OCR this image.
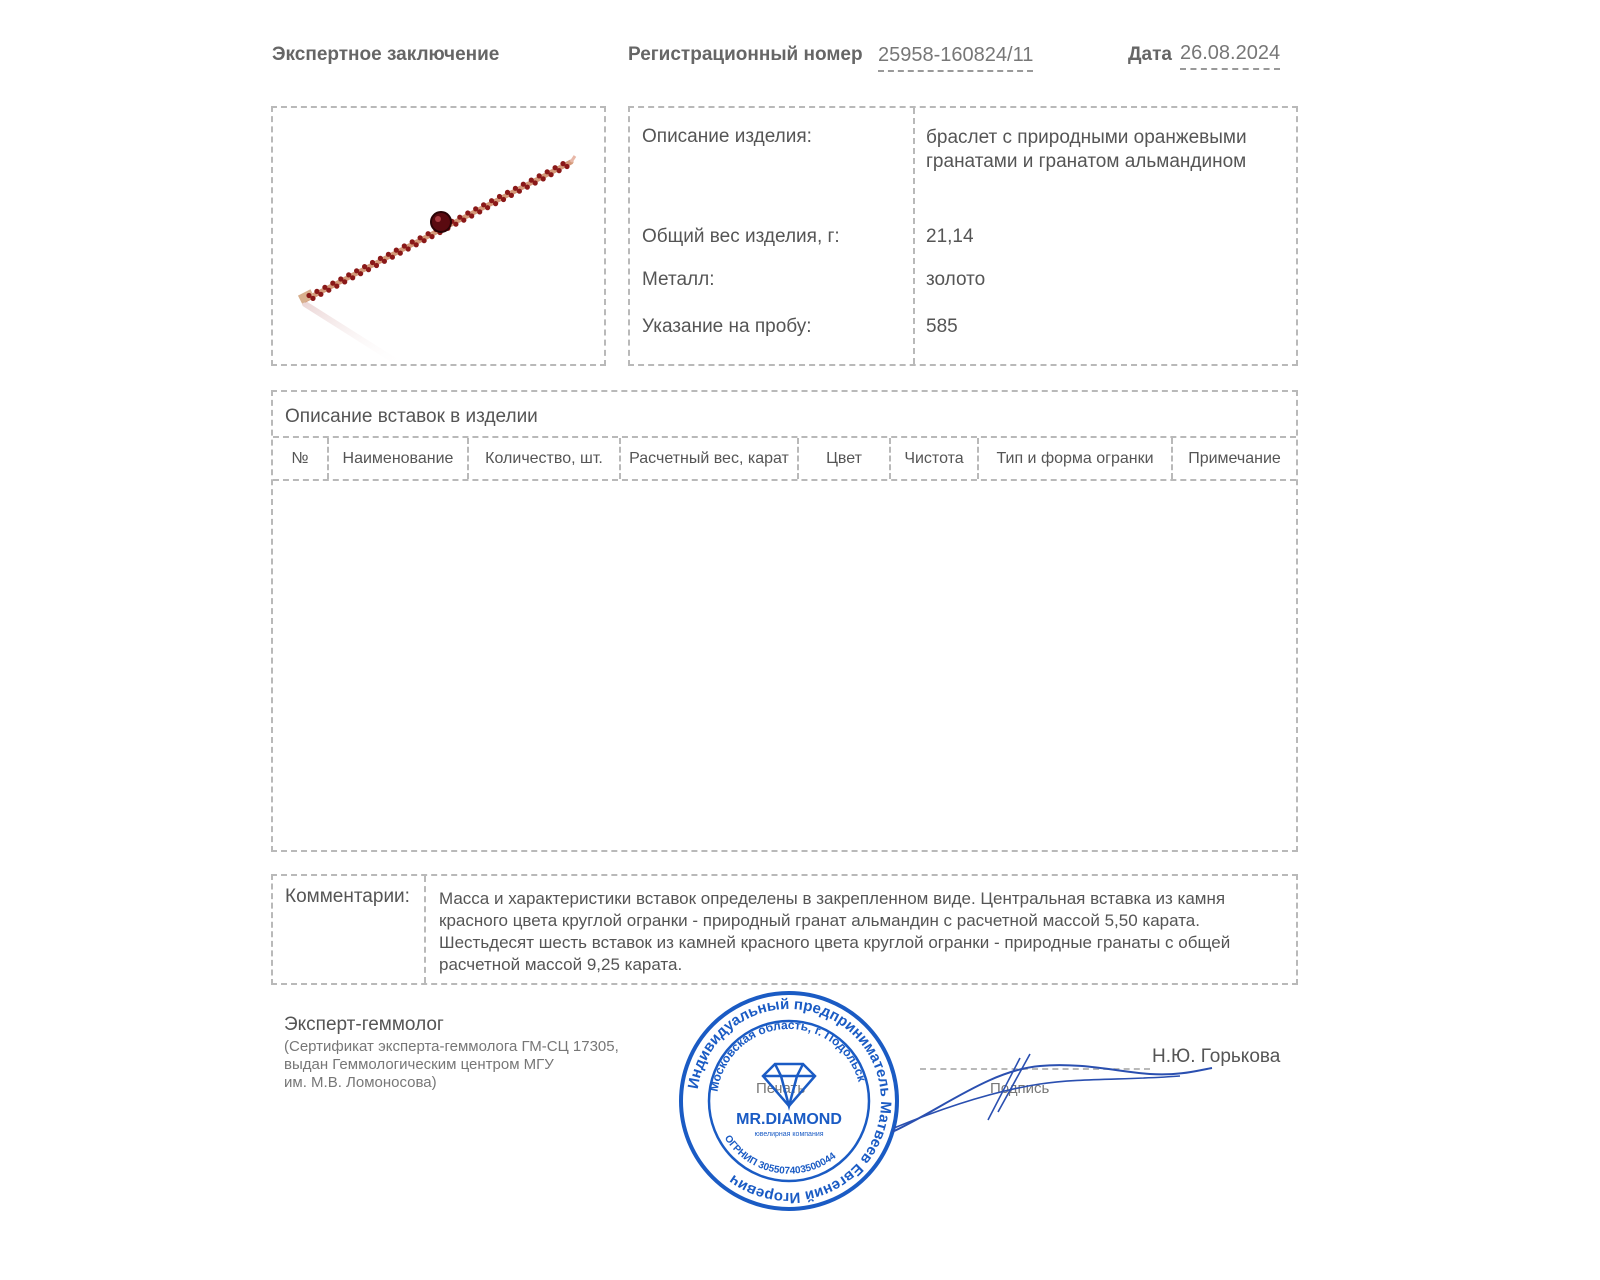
Экспертное заключение	Регистрационный номер 25958-160824/11	Дата 26.08.2024
Описание изделия:	браслет с природными оранжевыми гранатами и гранатом альмандином
Общий вес изделия, г:	21,14
Металл:	золото
Указание на пробу:	585
Описание вставок в изделии
№	Наименование	Количество, шт.	Расчетный вес, карат	Цвет	Чистота	Тип и форма огранки	Примечание
Комментарии: Масса и характеристики вставок определены в закрепленном виде. Центральная вставка из камня
красного цвета круглой огранки - природный гранат альмандин с расчетной массой 5,50 карата.
Шестьдесят шесть вставок из камней красного цвета круглой огранки - природные гранаты с общей
расчетной массой 9,25 карата.
Эксперт-геммолог
(Сертификат эксперта-геммолога ГМ-СЦ 17305,
выдан Геммологическим центром МГУ
им. М.В. Ломоносова)	Печать	Подпись
Н.Ю. Горькова
Индивидуальный предприниматель Матвеев Евгений Игоревич
Московская область, г. Подольск
ОГРНИП 305507403500044
MR.DIAMOND
ювелирная компания
